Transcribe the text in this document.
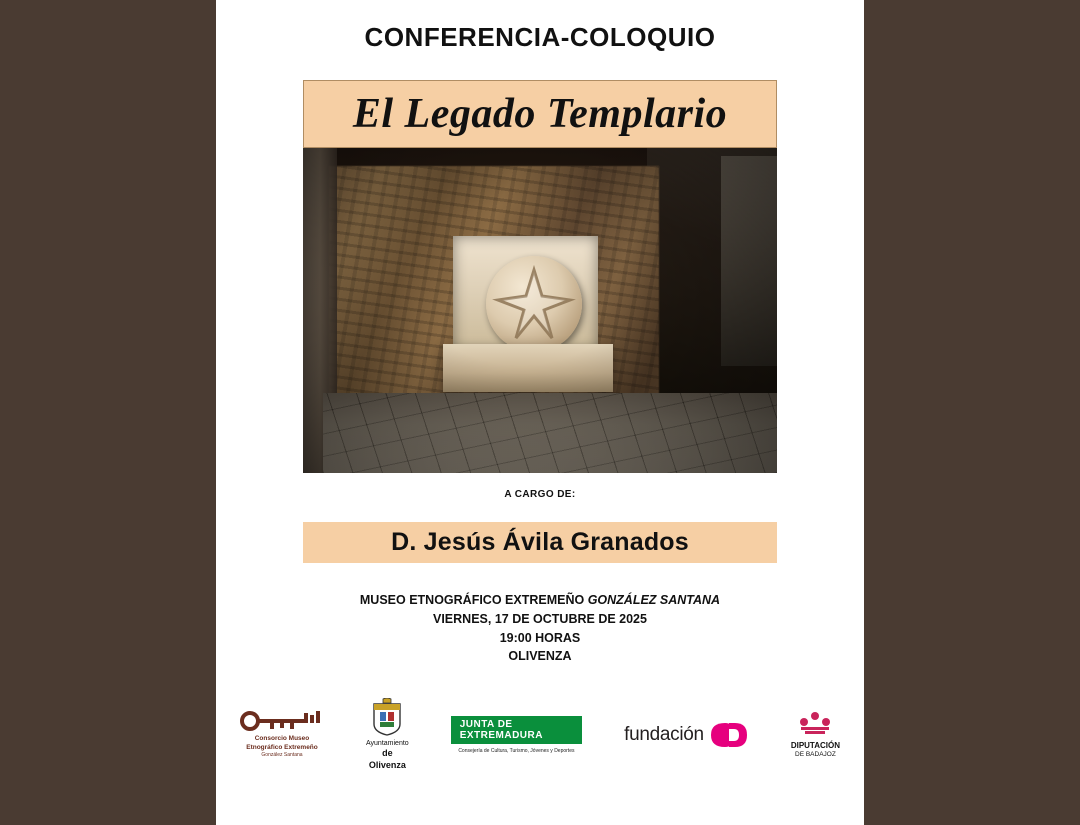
CONFERENCIA-COLOQUIO
El Legado Templario
A CARGO DE:
D. Jesús Ávila Granados
MUSEO ETNOGRÁFICO EXTREMEÑO GONZÁLEZ SANTANA
VIERNES, 17 DE OCTUBRE DE 2025
19:00 HORAS
OLIVENZA
Consorcio Museo
Etnográfico Extremeño
González Santana
Ayuntamiento
de Olivenza
JUNTA DE EXTREMADURA
Consejería de Cultura, Turismo, Jóvenes y Deportes
fundación
DIPUTACIÓN
DE BADAJOZ
